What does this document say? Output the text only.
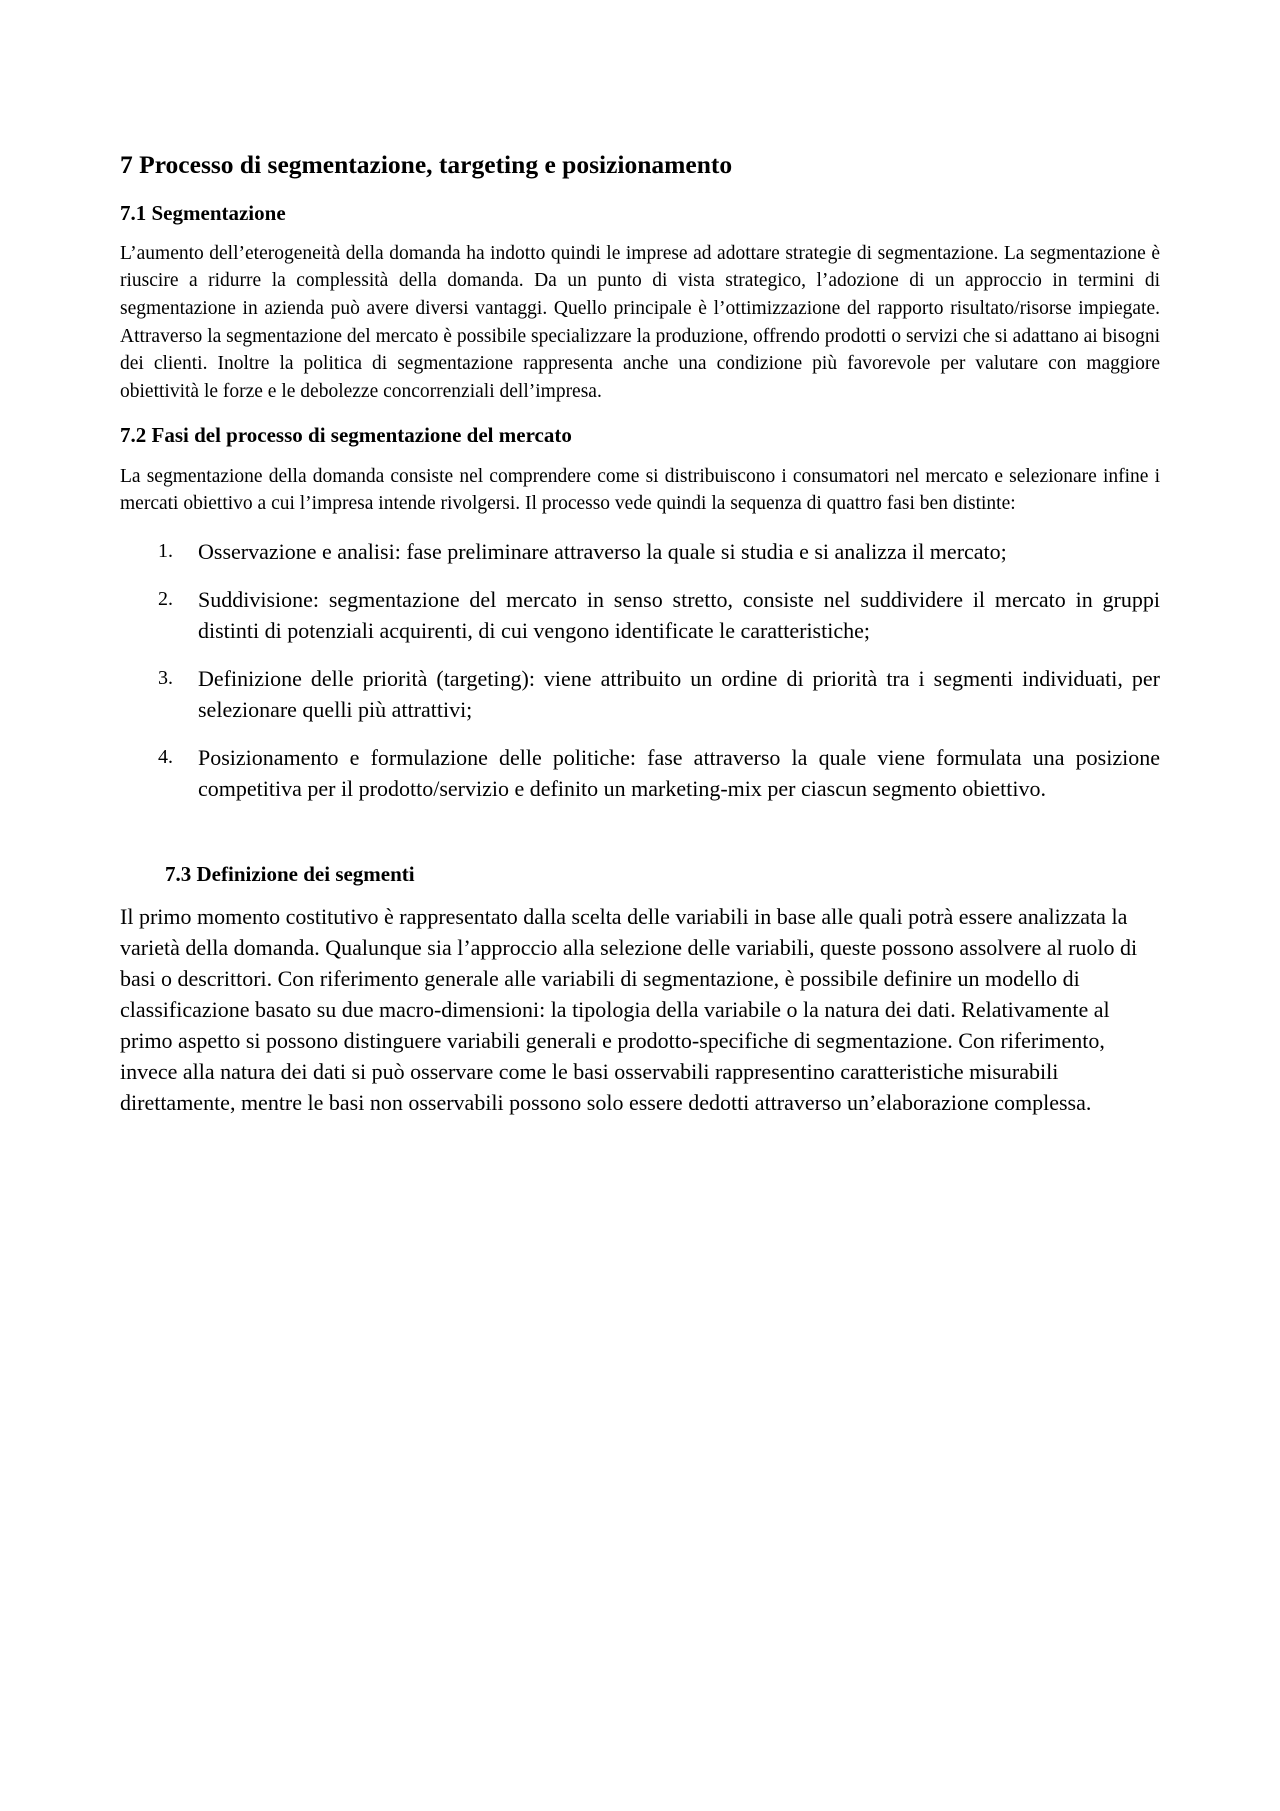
7 Processo di segmentazione, targeting e posizionamento
7.1 Segmentazione

L’aumento dell’eterogeneità della domanda ha indotto quindi le imprese ad adottare strategie di segmentazione. La segmentazione è riuscire a ridurre la complessità della domanda. Da un punto di vista strategico, l’adozione di un approccio in termini di segmentazione in azienda può avere diversi vantaggi. Quello principale è l’ottimizzazione del rapporto risultato/risorse impiegate. Attraverso la segmentazione del mercato è possibile specializzare la produzione, offrendo prodotti o servizi che si adattano ai bisogni dei clienti. Inoltre la politica di segmentazione rappresenta anche una condizione più favorevole per valutare con maggiore obiettività le forze e le debolezze concorrenziali dell’impresa.

7.2 Fasi del processo di segmentazione del mercato

La segmentazione della domanda consiste nel comprendere come si distribuiscono i consumatori nel mercato e selezionare infine i mercati obiettivo a cui l’impresa intende rivolgersi. Il processo vede quindi la sequenza di quattro fasi ben distinte:

1. Osservazione e analisi: fase preliminare attraverso la quale si studia e si analizza il mercato;
2. Suddivisione: segmentazione del mercato in senso stretto, consiste nel suddividere il mercato in gruppi distinti di potenziali acquirenti, di cui vengono identificate le caratteristiche;
3. Definizione delle priorità (targeting): viene attribuito un ordine di priorità tra i segmenti individuati, per selezionare quelli più attrattivi;
4. Posizionamento e formulazione delle politiche: fase attraverso la quale viene formulata una posizione competitiva per il prodotto/servizio e definito un marketing-mix per ciascun segmento obiettivo.
7.3 Definizione dei segmenti

Il primo momento costitutivo è rappresentato dalla scelta delle variabili in base alle quali potrà essere analizzata la varietà della domanda. Qualunque sia l’approccio alla selezione delle variabili, queste possono assolvere al ruolo di basi o descrittori. Con riferimento generale alle variabili di segmentazione, è possibile definire un modello di classificazione basato su due macro-dimensioni: la tipologia della variabile o la natura dei dati. Relativamente al primo aspetto si possono distinguere variabili generali e prodotto-specifiche di segmentazione. Con riferimento, invece alla natura dei dati si può osservare come le basi osservabili rappresentino caratteristiche misurabili direttamente, mentre le basi non osservabili possono solo essere dedotti attraverso un’elaborazione complessa.
